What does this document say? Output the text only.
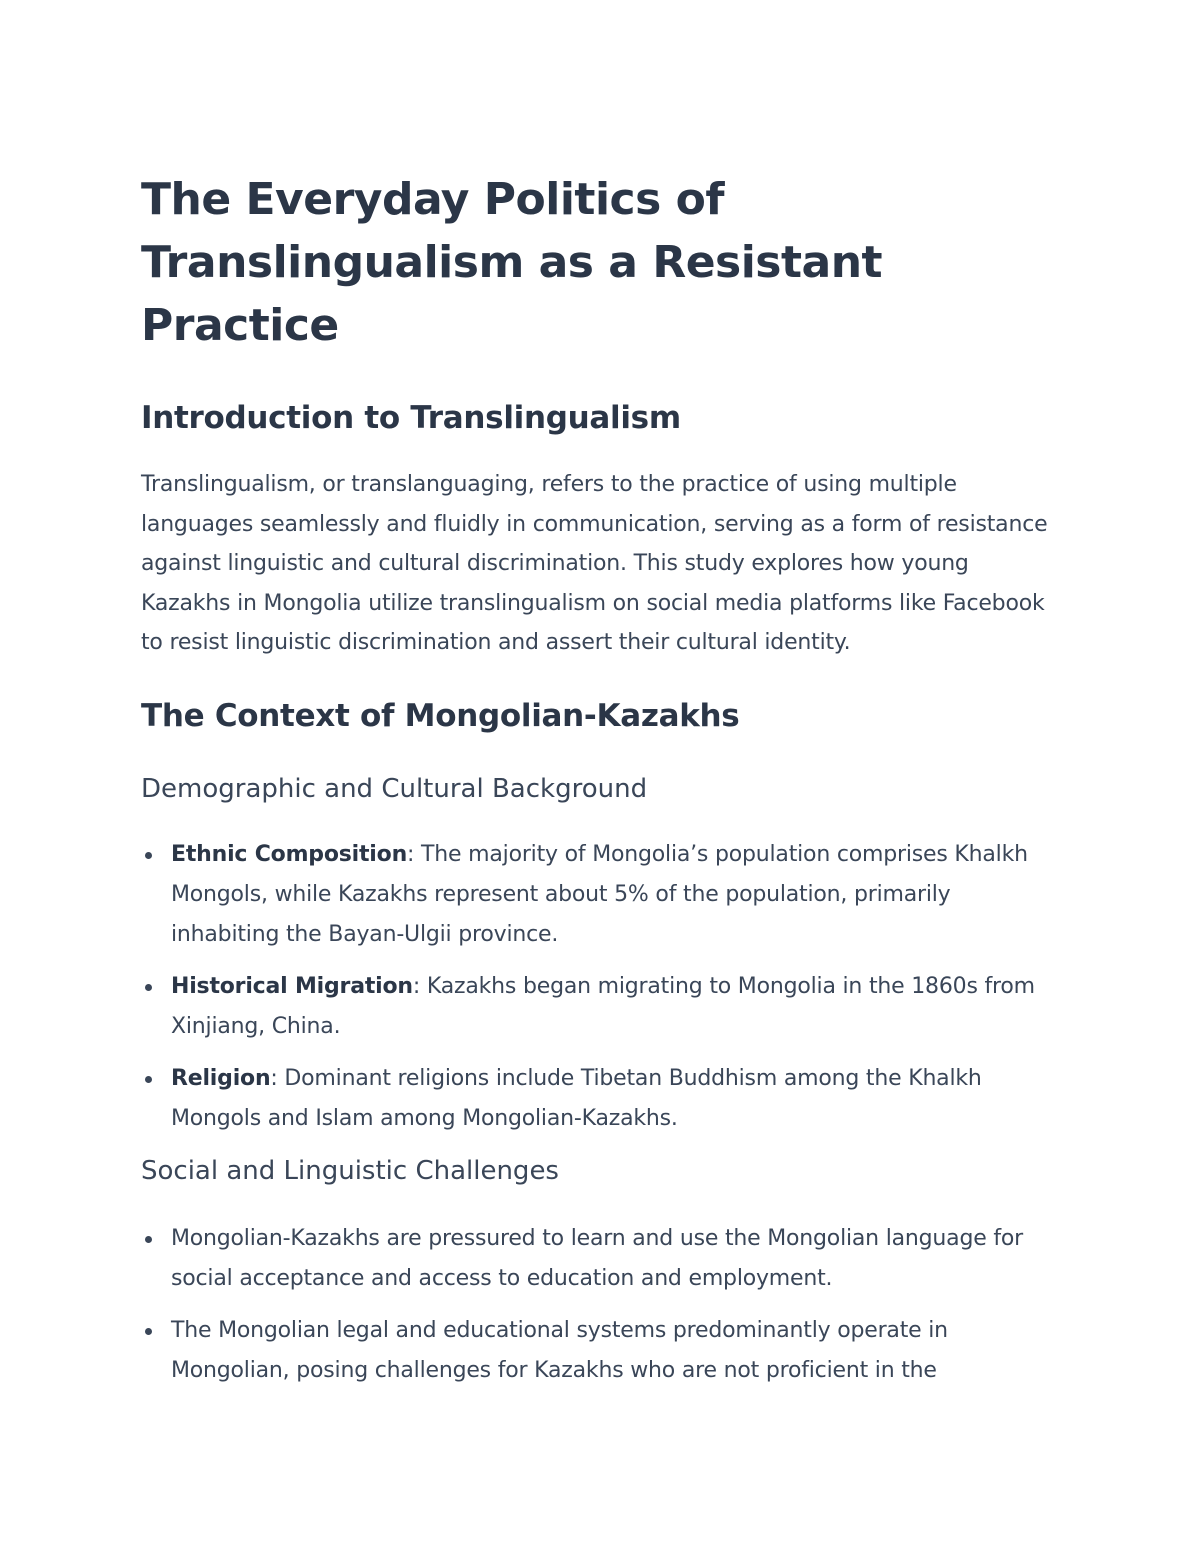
The Everyday Politics of Translingualism as a Resistant Practice
Introduction to Translingualism

Translingualism, or translanguaging, refers to the practice of using multiple languages seamlessly and fluidly in communication, serving as a form of resistance against linguistic and cultural discrimination. This study explores how young Kazakhs in Mongolia utilize translingualism on social media platforms like Facebook to resist linguistic discrimination and assert their cultural identity.

The Context of Mongolian-Kazakhs
Demographic and Cultural Background
Ethnic Composition: The majority of Mongolia’s population comprises Khalkh Mongols, while Kazakhs represent about 5% of the population, primarily inhabiting the Bayan-Ulgii province.
Historical Migration: Kazakhs began migrating to Mongolia in the 1860s from Xinjiang, China.
Religion: Dominant religions include Tibetan Buddhism among the Khalkh Mongols and Islam among Mongolian-Kazakhs.
Social and Linguistic Challenges
Mongolian-Kazakhs are pressured to learn and use the Mongolian language for social acceptance and access to education and employment.
The Mongolian legal and educational systems predominantly operate in Mongolian, posing challenges for Kazakhs who are not proficient in the
